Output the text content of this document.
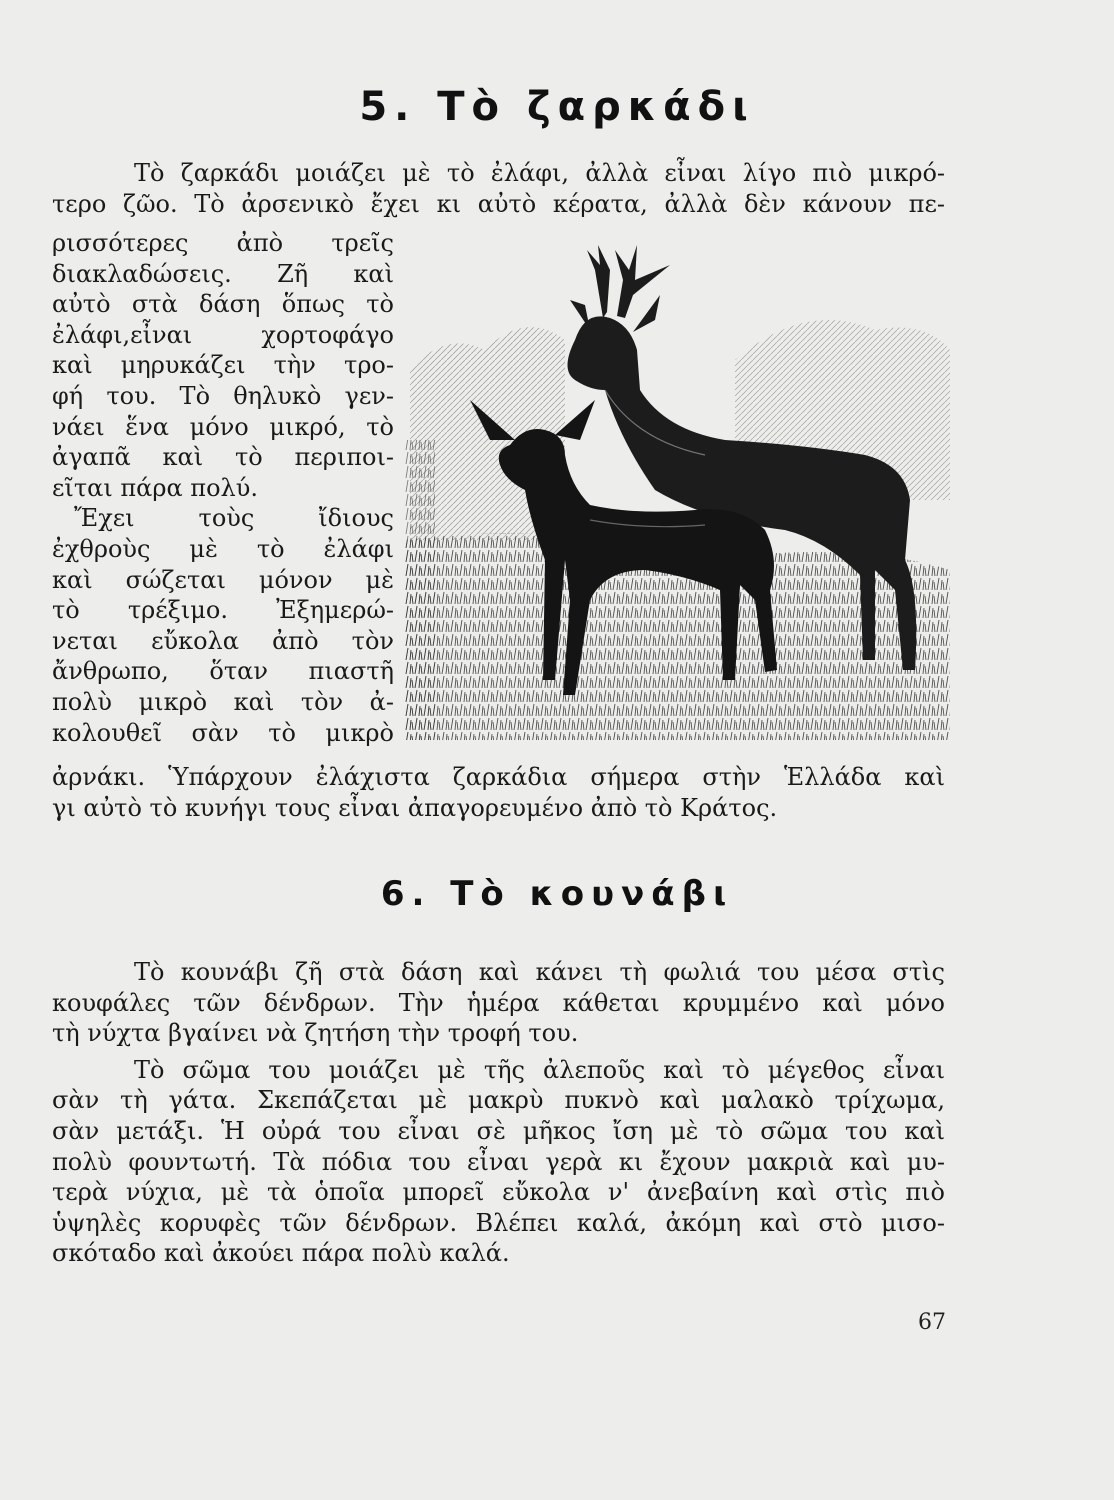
5. Τὸ ζαρκάδι

Τὸ ζαρκάδι μοιάζει μὲ τὸ ἐλάφι, ἀλλὰ εἶναι λίγο πιὸ μικρό-

τερο ζῶο. Τὸ ἀρσενικὸ ἔχει κι αὐτὸ κέρατα, ἀλλὰ δὲν κάνουν πε-

ρισσότερες ἀπὸ τρεῖς

διακλαδώσεις. Ζῆ καὶ

αὐτὸ στὰ δάση ὅπως τὸ

ἐλάφι,εἶναι χορτοφάγο

καὶ μηρυκάζει τὴν τρο-

φή του. Τὸ θηλυκὸ γεν-

νάει ἕνα μόνο μικρό, τὸ

ἀγαπᾶ καὶ τὸ περιποι-

εῖται πάρα πολύ.

Ἔχει τοὺς ἴδιους

ἐχθροὺς μὲ τὸ ἐλάφι

καὶ σώζεται μόνον μὲ

τὸ τρέξιμο. Ἐξημερώ-

νεται εὔκολα ἀπὸ τὸν

ἄνθρωπο, ὅταν πιαστῆ

πολὺ μικρὸ καὶ τὸν ἀ-

κολουθεῖ σὰν τὸ μικρὸ

ἀρνάκι. Ὑπάρχουν ἐλάχιστα ζαρκάδια σήμερα στὴν Ἑλλάδα καὶ

γι αὐτὸ τὸ κυνήγι τους εἶναι ἀπαγορευμένο ἀπὸ τὸ Κράτος.

6. Τὸ κουνάβι

Τὸ κουνάβι ζῆ στὰ δάση καὶ κάνει τὴ φωλιά του μέσα στὶς

κουφάλες τῶν δένδρων. Τὴν ἡμέρα κάθεται κρυμμένο καὶ μόνο

τὴ νύχτα βγαίνει νὰ ζητήση τὴν τροφή του.

Τὸ σῶμα του μοιάζει μὲ τῆς ἀλεποῦς καὶ τὸ μέγεθος εἶναι

σὰν τὴ γάτα. Σκεπάζεται μὲ μακρὺ πυκνὸ καὶ μαλακὸ τρίχωμα,

σὰν μετάξι. Ἡ οὐρά του εἶναι σὲ μῆκος ἴση μὲ τὸ σῶμα του καὶ

πολὺ φουντωτή. Τὰ πόδια του εἶναι γερὰ κι ἔχουν μακριὰ καὶ μυ-

τερὰ νύχια, μὲ τὰ ὁποῖα μπορεῖ εὔκολα ν' ἀνεβαίνη καὶ στὶς πιὸ

ὑψηλὲς κορυφὲς τῶν δένδρων. Βλέπει καλά, ἀκόμη καὶ στὸ μισο-

σκόταδο καὶ ἀκούει πάρα πολὺ καλά.

67
